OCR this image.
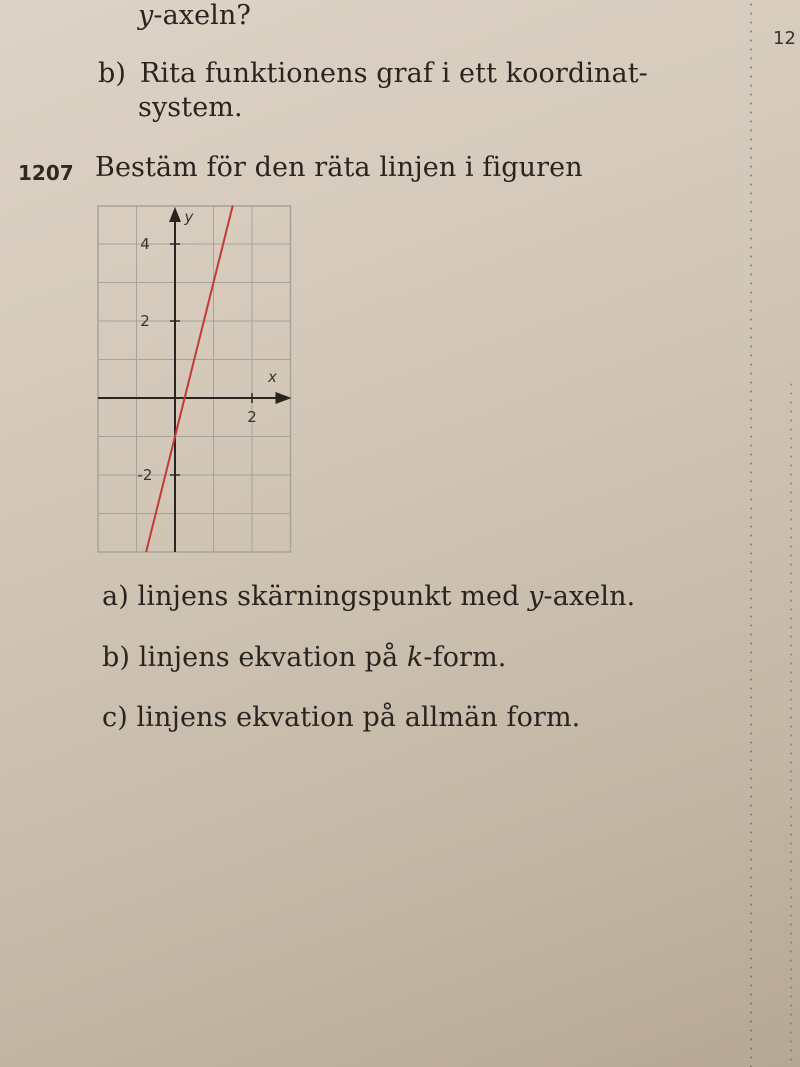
y-axeln?
12
b) Rita funktionens graf i ett koordinat-
system.
1207 Bestäm för den räta linjen i figuren
4
2
-2
2
y
x
a) linjens skärningspunkt med y-axeln.
b) linjens ekvation på k-form.
c) linjens ekvation på allmän form.
